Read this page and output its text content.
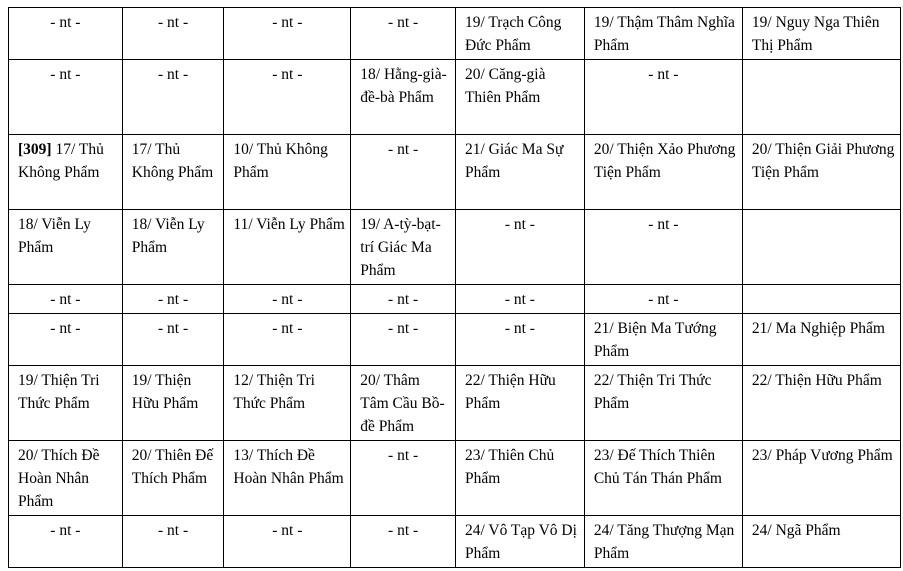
- nt -	- nt -	- nt -	- nt -	19/ Trạch Công Đức Phẩm	19/ Thậm Thâm Nghĩa Phẩm	19/ Nguy Nga Thiên Thị Phẩm
- nt -	- nt -	- nt -	18/ Hằng-già-đề-bà Phẩm	20/ Căng-già Thiên Phẩm	- nt -	
[309] 17/ Thủ Không Phẩm	17/ Thủ Không Phẩm	10/ Thủ Không Phẩm	- nt -	21/ Giác Ma Sự Phẩm	20/ Thiện Xảo Phương Tiện Phẩm	20/ Thiện Giải Phương Tiện Phẩm
18/ Viễn Ly Phẩm	18/ Viễn Ly Phẩm	11/ Viễn Ly Phẩm	19/ A-tỳ-bạt-trí Giác Ma Phẩm	- nt -	- nt -	
- nt -	- nt -	- nt -	- nt -	- nt -	- nt -	
- nt -	- nt -	- nt -	- nt -	- nt -	21/ Biện Ma Tướng Phẩm	21/ Ma Nghiệp Phẩm
19/ Thiện Tri Thức Phẩm	19/ Thiện Hữu Phẩm	12/ Thiện Tri Thức Phẩm	20/ Thâm Tâm Cầu Bồ-đề Phẩm	22/ Thiện Hữu Phẩm	22/ Thiện Tri Thức Phẩm	22/ Thiện Hữu Phẩm
20/ Thích Đề Hoàn Nhân Phẩm	20/ Thiên Đế Thích Phẩm	13/ Thích Đề Hoàn Nhân Phẩm	- nt -	23/ Thiên Chủ Phẩm	23/ Đế Thích Thiên Chủ Tán Thán Phẩm	23/ Pháp Vương Phẩm
- nt -	- nt -	- nt -	- nt -	24/ Vô Tạp Vô Dị Phẩm	24/ Tăng Thượng Mạn Phẩm	24/ Ngã Phẩm
